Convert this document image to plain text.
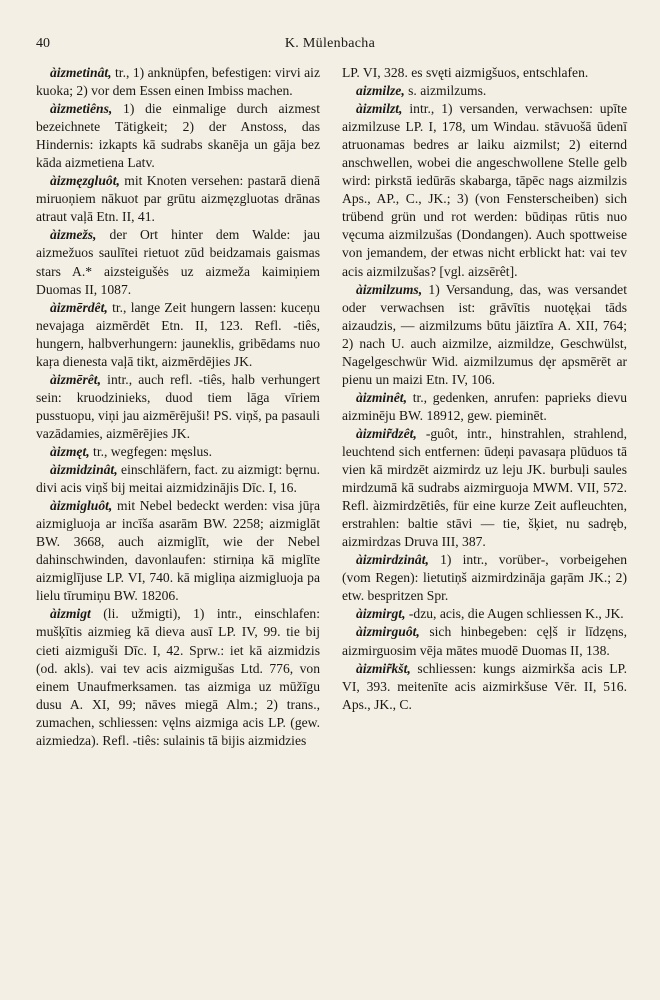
40	K. Mülenbacha

àizmetinât, tr., 1) anknüpfen, befestigen: virvi aiz kuoka; 2) vor dem Essen einen Imbiss machen.

àizmetiêns, 1) die einmalige durch aizmest bezeichnete Tätigkeit; 2) der Anstoss, das Hindernis: izkapts kā sudrabs skanēja un gāja bez kāda aizmetiena Latv.

àizmęzgluôt, mit Knoten versehen: pastarā dienā miruoņiem nākuot par grūtu aizmęzgluotas drānas atraut vaļā Etn. II, 41.

àizmežs, der Ort hinter dem Walde: jau aizmežuos saulītei rietuot zūd beidzamais gaismas stars A.* aizsteigušės uz aizmeža kaimiņiem Duomas II, 1087.

àizmērdêt, tr., lange Zeit hungern lassen: kuceņu nevajaga aizmērdēt Etn. II, 123. Refl. -tiês, hungern, halbverhungern: jauneklis, gribēdams nuo kaŗa dienesta vaļā tikt, aizmērdējies JK.

àizmērêt, intr., auch refl. -tiês, halb verhungert sein: kruodzinieks, duod tiem lāga vīriem pusstuopu, viņi jau aizmērējuši! PS. viņš, pa pasauli vazādamies, aizmērējies JK.

àizmęt, tr., wegfegen: męslus.

àizmidzinât, einschläfern, fact. zu aizmigt: bęrnu. divi acis viņš bij meitai aizmidzinājis Dīc. I, 16.

àizmigluôt, mit Nebel bedeckt werden: visa jūŗa aizmigluoja ar incīša asarām BW. 2258; aizmiglāt BW. 3668, auch aizmiglīt, wie der Nebel dahinschwinden, davonlaufen: stirniņa kā miglīte aizmiglījuse LP. VI, 740. kā migliņa aizmigluoja pa lielu tīrumiņu BW. 18206.

àizmigt (li. užmigti), 1) intr., einschlafen: mušķītis aizmieg kā dieva ausī LP. IV, 99. tie bij cieti aizmiguši Dīc. I, 42. Sprw.: iet kā aizmidzis (od. akls). vai tev acis aizmigušas Ltd. 776, von einem Unaufmerksamen. tas aizmiga uz mūžīgu dusu A. XI, 99; nāves miegā Alm.; 2) trans., zumachen, schliessen: vęlns aizmiga acis LP. (gew. aizmiedza). Refl. -tiês: sulainis tā bijis aizmidzies

LP. VI, 328. es svęti aizmigšuos, entschlafen.

aizmilze, s. aizmilzums.

àizmilzt, intr., 1) versanden, verwachsen: upīte aizmilzuse LP. I, 178, um Windau. stāvuošā ūdenī atruonamas bedres ar laiku aizmilst; 2) eiternd anschwellen, wobei die angeschwollene Stelle gelb wird: pirkstā iedūrās skabarga, tāpēc nags aizmilzis Aps., AP., C., JK.; 3) (von Fensterscheiben) sich trübend grün und rot werden: būdiņas rūtis nuo vęcuma aizmilzušas (Dondangen). Auch spottweise von jemandem, der etwas nicht erblickt hat: vai tev acis aizmilzušas? [vgl. aizsērêt].

àizmilzums, 1) Versandung, das, was versandet oder verwachsen ist: grāvītis nuotęķai tāds aizaudzis, — aizmilzums būtu jāiztīra A. XII, 764; 2) nach U. auch aizmilze, aizmildze, Geschwülst, Nagelgeschwür Wid. aizmilzumus dęr apsmērēt ar pienu un maizi Etn. IV, 106.

àizminêt, tr., gedenken, anrufen: paprieks dievu aizminēju BW. 18912, gew. pieminēt.

àizmir̃dzêt, -guôt, intr., hinstrahlen, strahlend, leuchtend sich entfernen: ūdeņi pavasaŗa plūduos tā vien kā mirdzēt aizmirdz uz leju JK. burbuļi saules mirdzumā kā sudrabs aizmirguoja MWM. VII, 572. Refl. àizmirdzētiês, für eine kurze Zeit aufleuchten, erstrahlen: baltie stāvi — tie, šķiet, nu sadręb, aizmirdzas Druva III, 387.

àizmirdzinât, 1) intr., vorüber-, vorbeigehen (vom Regen): lietutiņš aizmirdzināja gaŗām JK.; 2) etw. bespritzen Spr.

àizmirgt, -dzu, acis, die Augen schliessen K., JK.

àizmirguôt, sich hinbegeben: cęļš ir līdzęns, aizmirguosim vēja mātes muodē Duomas II, 138.

àizmir̃kšt, schliessen: kungs aizmirkša acis LP. VI, 393. meitenīte acis aizmirkšuse Vēr. II, 516. Aps., JK., C.
